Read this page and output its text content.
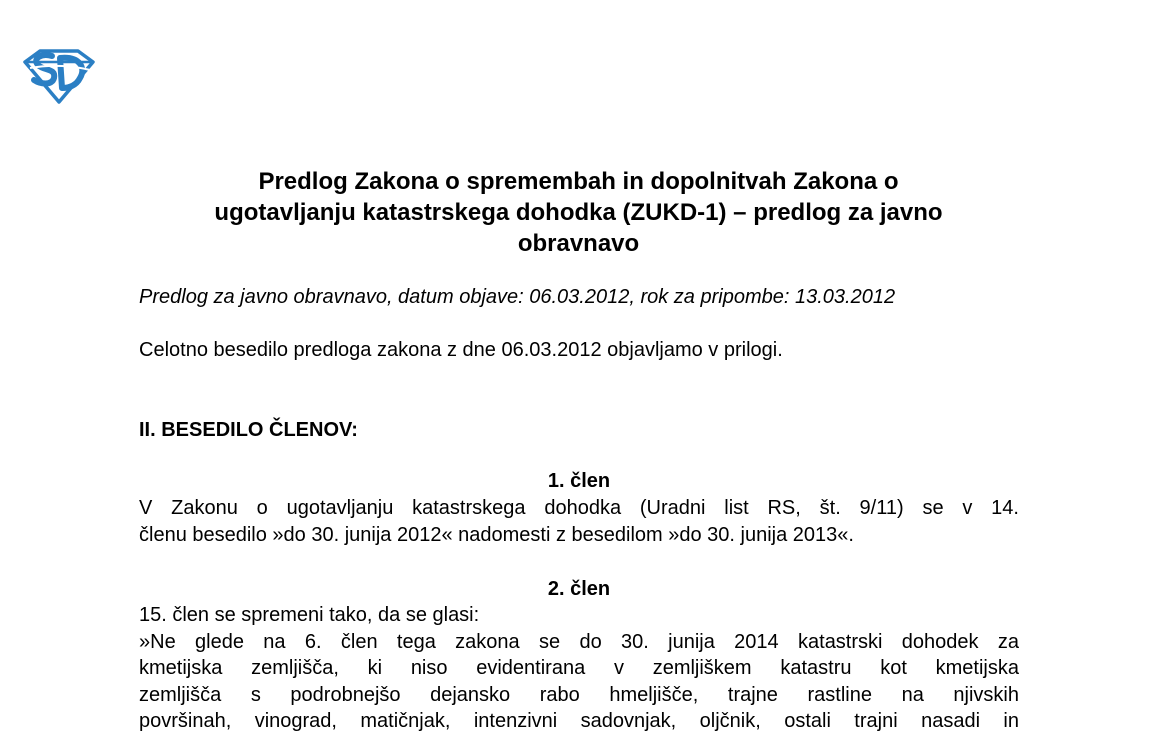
Predlog Zakona o spremembah in dopolnitvah Zakona o
ugotavljanju katastrskega dohodka (ZUKD-1) – predlog za javno
obravnavo
Predlog za javno obravnavo, datum objave: 06.03.2012, rok za pripombe: 13.03.2012
Celotno besedilo predloga zakona z dne 06.03.2012 objavljamo v prilogi.
II. BESEDILO ČLENOV:
1. člen
V Zakonu o ugotavljanju katastrskega dohodka (Uradni list RS, št. 9/11) se v 14.
členu besedilo »do 30. junija 2012« nadomesti z besedilom »do 30. junija 2013«.
2. člen
15. člen se spremeni tako, da se glasi:
»Ne glede na 6. člen tega zakona se do 30. junija 2014 katastrski dohodek za
kmetijska zemljišča, ki niso evidentirana v zemljiškem katastru kot kmetijska
zemljišča s podrobnejšo dejansko rabo hmeljišče, trajne rastline na njivskih
površinah, vinograd, matičnjak, intenzivni sadovnjak, oljčnik, ostali trajni nasadi in
